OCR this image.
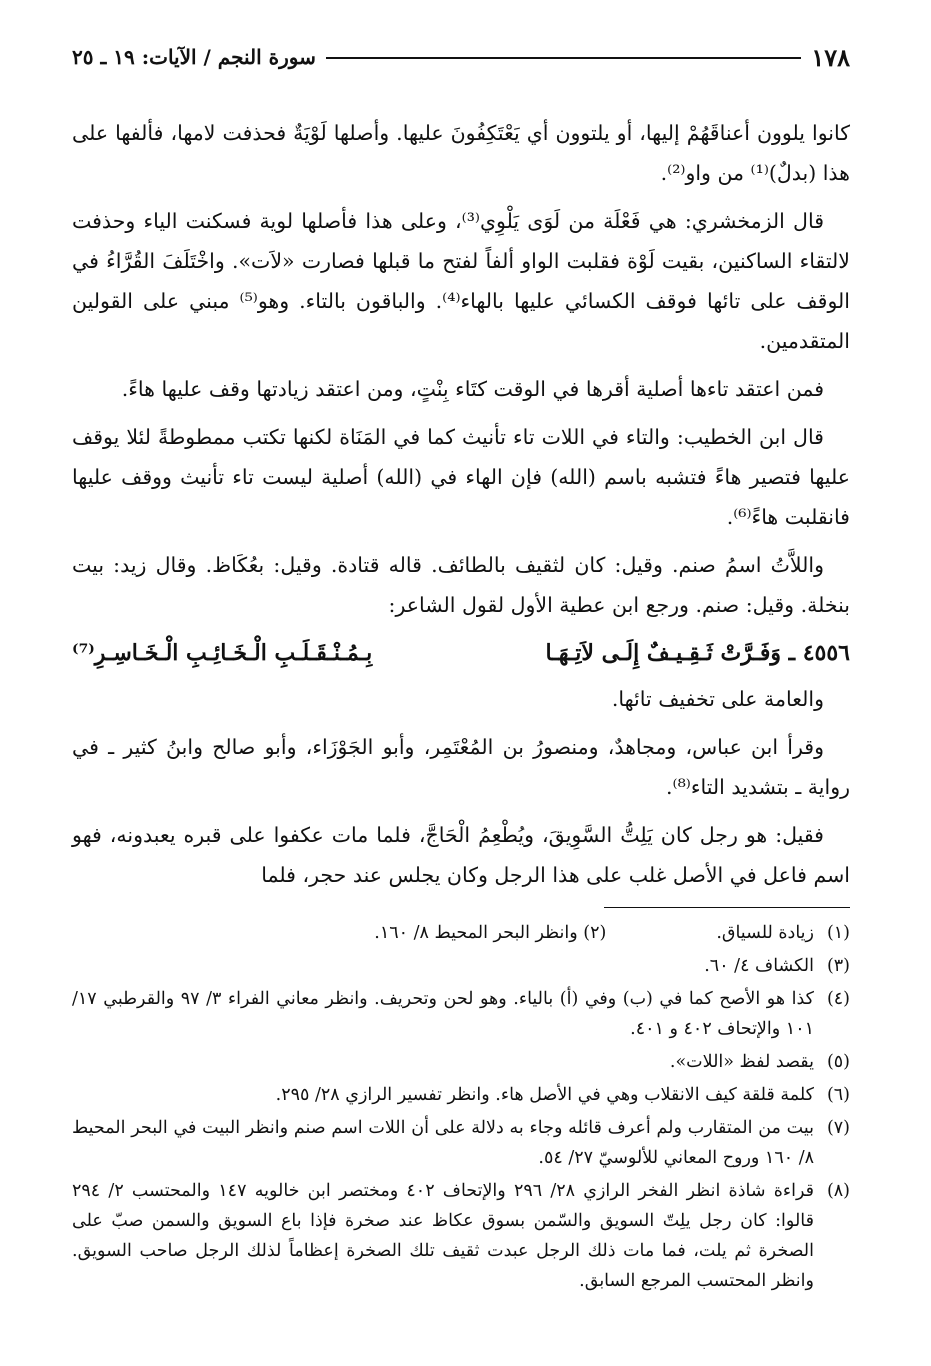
١٧٨
سورة النجم / الآيات: ١٩ ـ ٢٥

كانوا يلوون أعناقَهُمْ إليها، أو يلتوون أي يَعْتَكِفُونَ عليها. وأصلها لَوْيَةٌ فحذفت لامها، فألفها على هذا (بدلٌ)⁽¹⁾ من واو⁽²⁾.

قال الزمخشري: هي فَعْلَة من لَوَى يَلْوِي⁽³⁾، وعلى هذا فأصلها لوية فسكنت الياء وحذفت لالتقاء الساكنين، بقيت لَوْة فقلبت الواو ألفاً لفتح ما قبلها فصارت «لاَت». واخْتَلَفَ القُرَّاءُ في الوقف على تائها فوقف الكسائي عليها بالهاء⁽⁴⁾. والباقون بالتاء. وهو⁽⁵⁾ مبني على القولين المتقدمين.

فمن اعتقد تاءها أصلية أقرها في الوقت كتَاء بِنْتٍ، ومن اعتقد زيادتها وقف عليها هاءً.

قال ابن الخطيب: والتاء في اللات تاء تأنيث كما في المَنَاة لكنها تكتب ممطوطةً لئلا يوقف عليها فتصير هاءً فتشبه باسم (الله) فإن الهاء في (الله) أصلية ليست تاء تأنيث ووقف عليها فانقلبت هاءً⁽⁶⁾.

واللاَّتُ اسمُ صنم. وقيل: كان لثقيف بالطائف. قاله قتادة. وقيل: بعُكَاظ. وقال زيد: بيت بنخلة. وقيل: صنم. ورجع ابن عطية الأول لقول الشاعر:

٤٥٥٦ ـ وَفَـرَّتْ ثَـقِـيـفٌ إِلَـى لاَتِـهَـا
بِـمُـنْـقَـلَـبِ الْـخَـائِـبِ الْـخَـاسِـرِ⁽⁷⁾

والعامة على تخفيف تائها.

وقرأ ابن عباس، ومجاهدٌ، ومنصورُ بن المُعْتَمِر، وأبو الجَوْزَاء، وأبو صالح وابنُ كثير ـ في رواية ـ بتشديد التاء⁽⁸⁾.

فقيل: هو رجل كان يَلِتُّ السَّوِيقَ، ويُطْعِمُ الْحَاجَّ، فلما مات عكفوا على قبره يعبدونه، فهو اسم فاعل في الأصل غلب على هذا الرجل وكان يجلس عند حجر، فلما

(١)
زيادة للسياق.
(٢) وانظر البحر المحيط ٨/ ١٦٠.
(٣)
الكشاف ٤/ ٦٠.
(٤)
كذا هو الأصح كما في (ب) وفي (أ) بالياء. وهو لحن وتحريف. وانظر معاني الفراء ٣/ ٩٧ والقرطبي ١٧/ ١٠١ والإتحاف ٤٠٢ و ٤٠١.
(٥)
يقصد لفظ «اللات».
(٦)
كلمة قلقة كيف الانقلاب وهي في الأصل هاء. وانظر تفسير الرازي ٢٨/ ٢٩٥.
(٧)
بيت من المتقارب ولم أعرف قائله وجاء به دلالة على أن اللات اسم صنم وانظر البيت في البحر المحيط ٨/ ١٦٠ وروح المعاني للألوسيّ ٢٧/ ٥٤.
(٨)
قراءة شاذة انظر الفخر الرازي ٢٨/ ٢٩٦ والإتحاف ٤٠٢ ومختصر ابن خالويه ١٤٧ والمحتسب ٢/ ٢٩٤ قالوا: كان رجل يلِتّ السويق والسّمن بسوق عكاظ عند صخرة فإذا باع السويق والسمن صبّ على الصخرة ثم يلت، فما مات ذلك الرجل عبدت ثقيف تلك الصخرة إعظاماً لذلك الرجل صاحب السويق. وانظر المحتسب المرجع السابق.
